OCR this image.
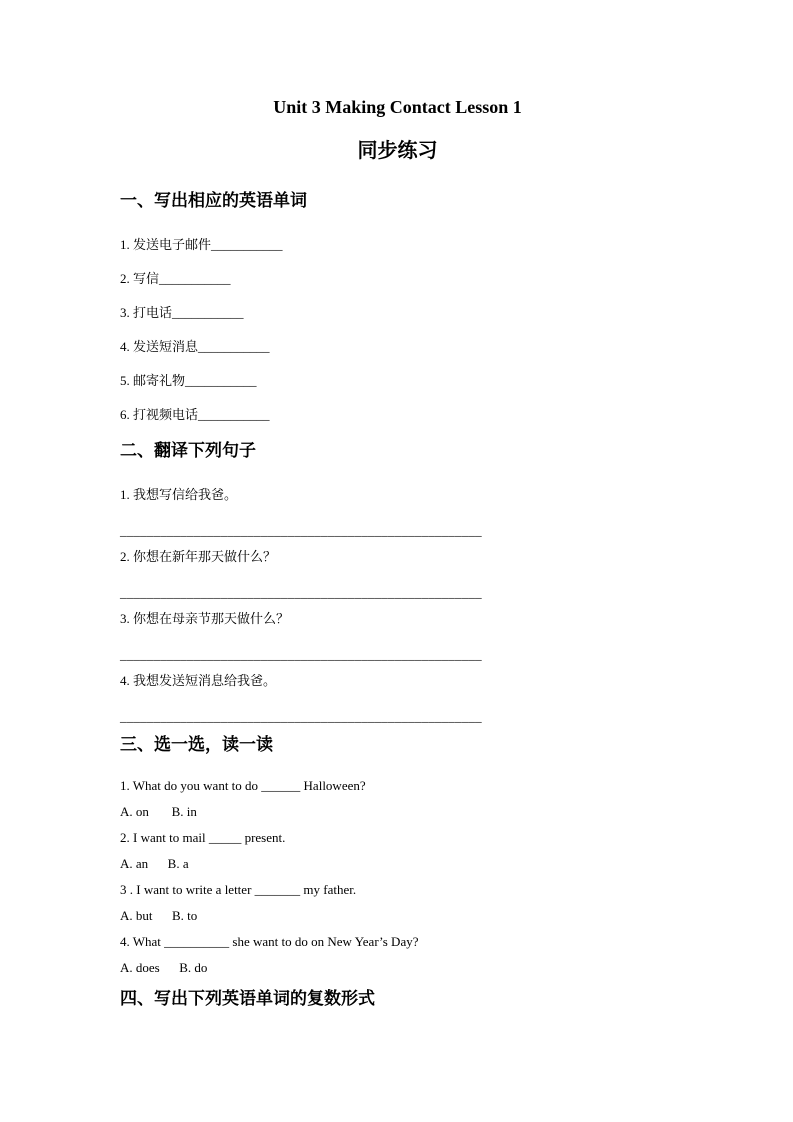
Unit 3 Making Contact Lesson 1
同步练习
一、写出相应的英语单词

1. 发送电子邮件___________

2. 写信___________

3. 打电话___________

4. 发送短消息___________

5. 邮寄礼物___________

6. 打视频电话___________

二、翻译下列句子

1. 我想写信给我爸。

______________________________________________________

2. 你想在新年那天做什么？

______________________________________________________

3. 你想在母亲节那天做什么？

______________________________________________________

4. 我想发送短消息给我爸。

______________________________________________________

三、选一选，读一读

1. What do you want to do ______ Halloween?

A. on       B. in

2. I want to mail _____ present.

A. an      B. a

3 . I want to write a letter _______ my father.

A. but      B. to

4. What __________ she want to do on New Year’s Day?

A. does      B. do

四、写出下列英语单词的复数形式
